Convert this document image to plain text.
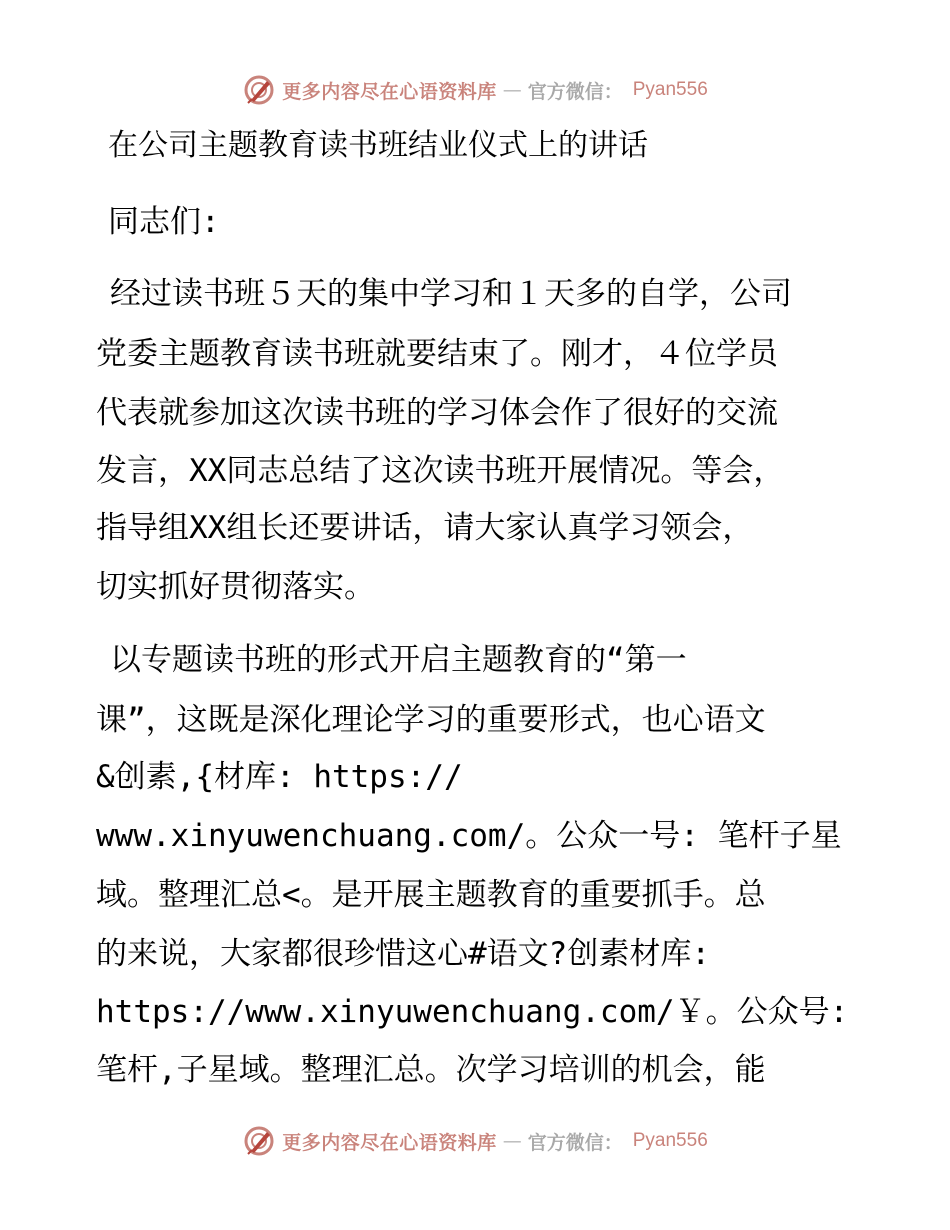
更多内容尽在心语资料库 — 官方微信： Pyan556
在公司主题教育读书班结业仪式上的讲话
同志们:
经过读书班５天的集中学习和１天多的自学，公司
党委主题教育读书班就要结束了。刚才，４位学员
代表就参加这次读书班的学习体会作了很好的交流
发言，XX同志总结了这次读书班开展情况。等会，
指导组XX组长还要讲话，请大家认真学习领会，
切实抓好贯彻落实。
以专题读书班的形式开启主题教育的“第一
课”，这既是深化理论学习的重要形式，也心语文
&创素,{材库: https://
www.xinyuwenchuang.com/。公众一号: 笔杆子星
域。整理汇总<。是开展主题教育的重要抓手。总
的来说，大家都很珍惜这心#语文?创素材库:
https://www.xinyuwenchuang.com/￥。公众号:
笔杆,子星域。整理汇总。次学习培训的机会，能
更多内容尽在心语资料库 — 官方微信： Pyan556
